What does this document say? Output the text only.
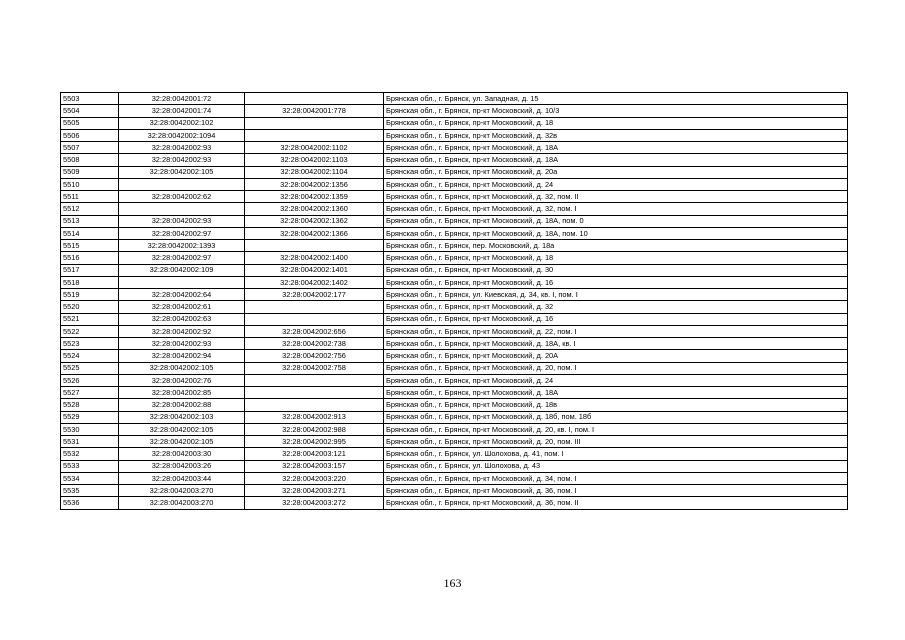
5503	32:28:0042001:72		Брянская обл., г. Брянск, ул. Западная, д. 15
5504	32:28:0042001:74	32:28:0042001:778	Брянская обл., г. Брянск, пр-кт Московский, д. 10/3
5505	32:28:0042002:102		Брянская обл., г. Брянск, пр-кт Московский, д. 18
5506	32:28:0042002:1094		Брянская обл., г. Брянск, пр-кт Московский, д. 32в
5507	32:28:0042002:93	32:28:0042002:1102	Брянская обл., г. Брянск, пр-кт Московский, д. 18А
5508	32:28:0042002:93	32:28:0042002:1103	Брянская обл., г. Брянск, пр-кт Московский, д. 18А
5509	32:28:0042002:105	32:28:0042002:1104	Брянская обл., г. Брянск, пр-кт Московский, д. 20а
5510		32:28:0042002:1356	Брянская обл., г. Брянск, пр-кт Московский, д. 24
5511	32:28:0042002:62	32:28:0042002:1359	Брянская обл., г. Брянск, пр-кт Московский, д. 32, пом. II
5512		32:28:0042002:1360	Брянская обл., г. Брянск, пр-кт Московский, д. 32, пом. I
5513	32:28:0042002:93	32:28:0042002:1362	Брянская обл., г. Брянск, пр-кт Московский, д. 18А, пом. 0
5514	32:28:0042002:97	32:28:0042002:1366	Брянская обл., г. Брянск, пр-кт Московский, д. 18А, пом. 10
5515	32:28:0042002:1393		Брянская обл., г. Брянск, пер. Московский, д. 18а
5516	32:28:0042002:97	32:28:0042002:1400	Брянская обл., г. Брянск, пр-кт Московский, д. 18
5517	32:28:0042002:109	32:28:0042002:1401	Брянская обл., г. Брянск, пр-кт Московский, д. 30
5518		32:28:0042002:1402	Брянская обл., г. Брянск, пр-кт Московский, д. 16
5519	32:28:0042002:64	32:28:0042002:177	Брянская обл., г. Брянск, ул. Киевская, д. 34, кв. I, пом. I
5520	32:28:0042002:61		Брянская обл., г. Брянск, пр-кт Московский, д. 32
5521	32:28:0042002:63		Брянская обл., г. Брянск, пр-кт Московский, д. 16
5522	32:28:0042002:92	32:28:0042002:656	Брянская обл., г. Брянск, пр-кт Московский, д. 22, пом. I
5523	32:28:0042002:93	32:28:0042002:738	Брянская обл., г. Брянск, пр-кт Московский, д. 18А, кв. I
5524	32:28:0042002:94	32:28:0042002:756	Брянская обл., г. Брянск, пр-кт Московский, д. 20А
5525	32:28:0042002:105	32:28:0042002:758	Брянская обл., г. Брянск, пр-кт Московский, д. 20, пом. I
5526	32:28:0042002:76		Брянская обл., г. Брянск, пр-кт Московский, д. 24
5527	32:28:0042002:85		Брянская обл., г. Брянск, пр-кт Московский, д. 18А
5528	32:28:0042002:88		Брянская обл., г. Брянск, пр-кт Московский, д. 18в
5529	32:28:0042002:103	32:28:0042002:913	Брянская обл., г. Брянск, пр-кт Московский, д. 18б, пом. 18б
5530	32:28:0042002:105	32:28:0042002:988	Брянская обл., г. Брянск, пр-кт Московский, д. 20, кв. I, пом. I
5531	32:28:0042002:105	32:28:0042002:995	Брянская обл., г. Брянск, пр-кт Московский, д. 20, пом. III
5532	32:28:0042003:30	32:28:0042003:121	Брянская обл., г. Брянск, ул. Шолохова, д. 41, пом. I
5533	32:28:0042003:26	32:28:0042003:157	Брянская обл., г. Брянск, ул. Шолохова, д. 43
5534	32:28:0042003:44	32:28:0042003:220	Брянская обл., г. Брянск, пр-кт Московский, д. 34, пом. I
5535	32:28:0042003:270	32:28:0042003:271	Брянская обл., г. Брянск, пр-кт Московский, д. 36, пом. I
5536	32:28:0042003:270	32:28:0042003:272	Брянская обл., г. Брянск, пр-кт Московский, д. 36, пом. II
163
